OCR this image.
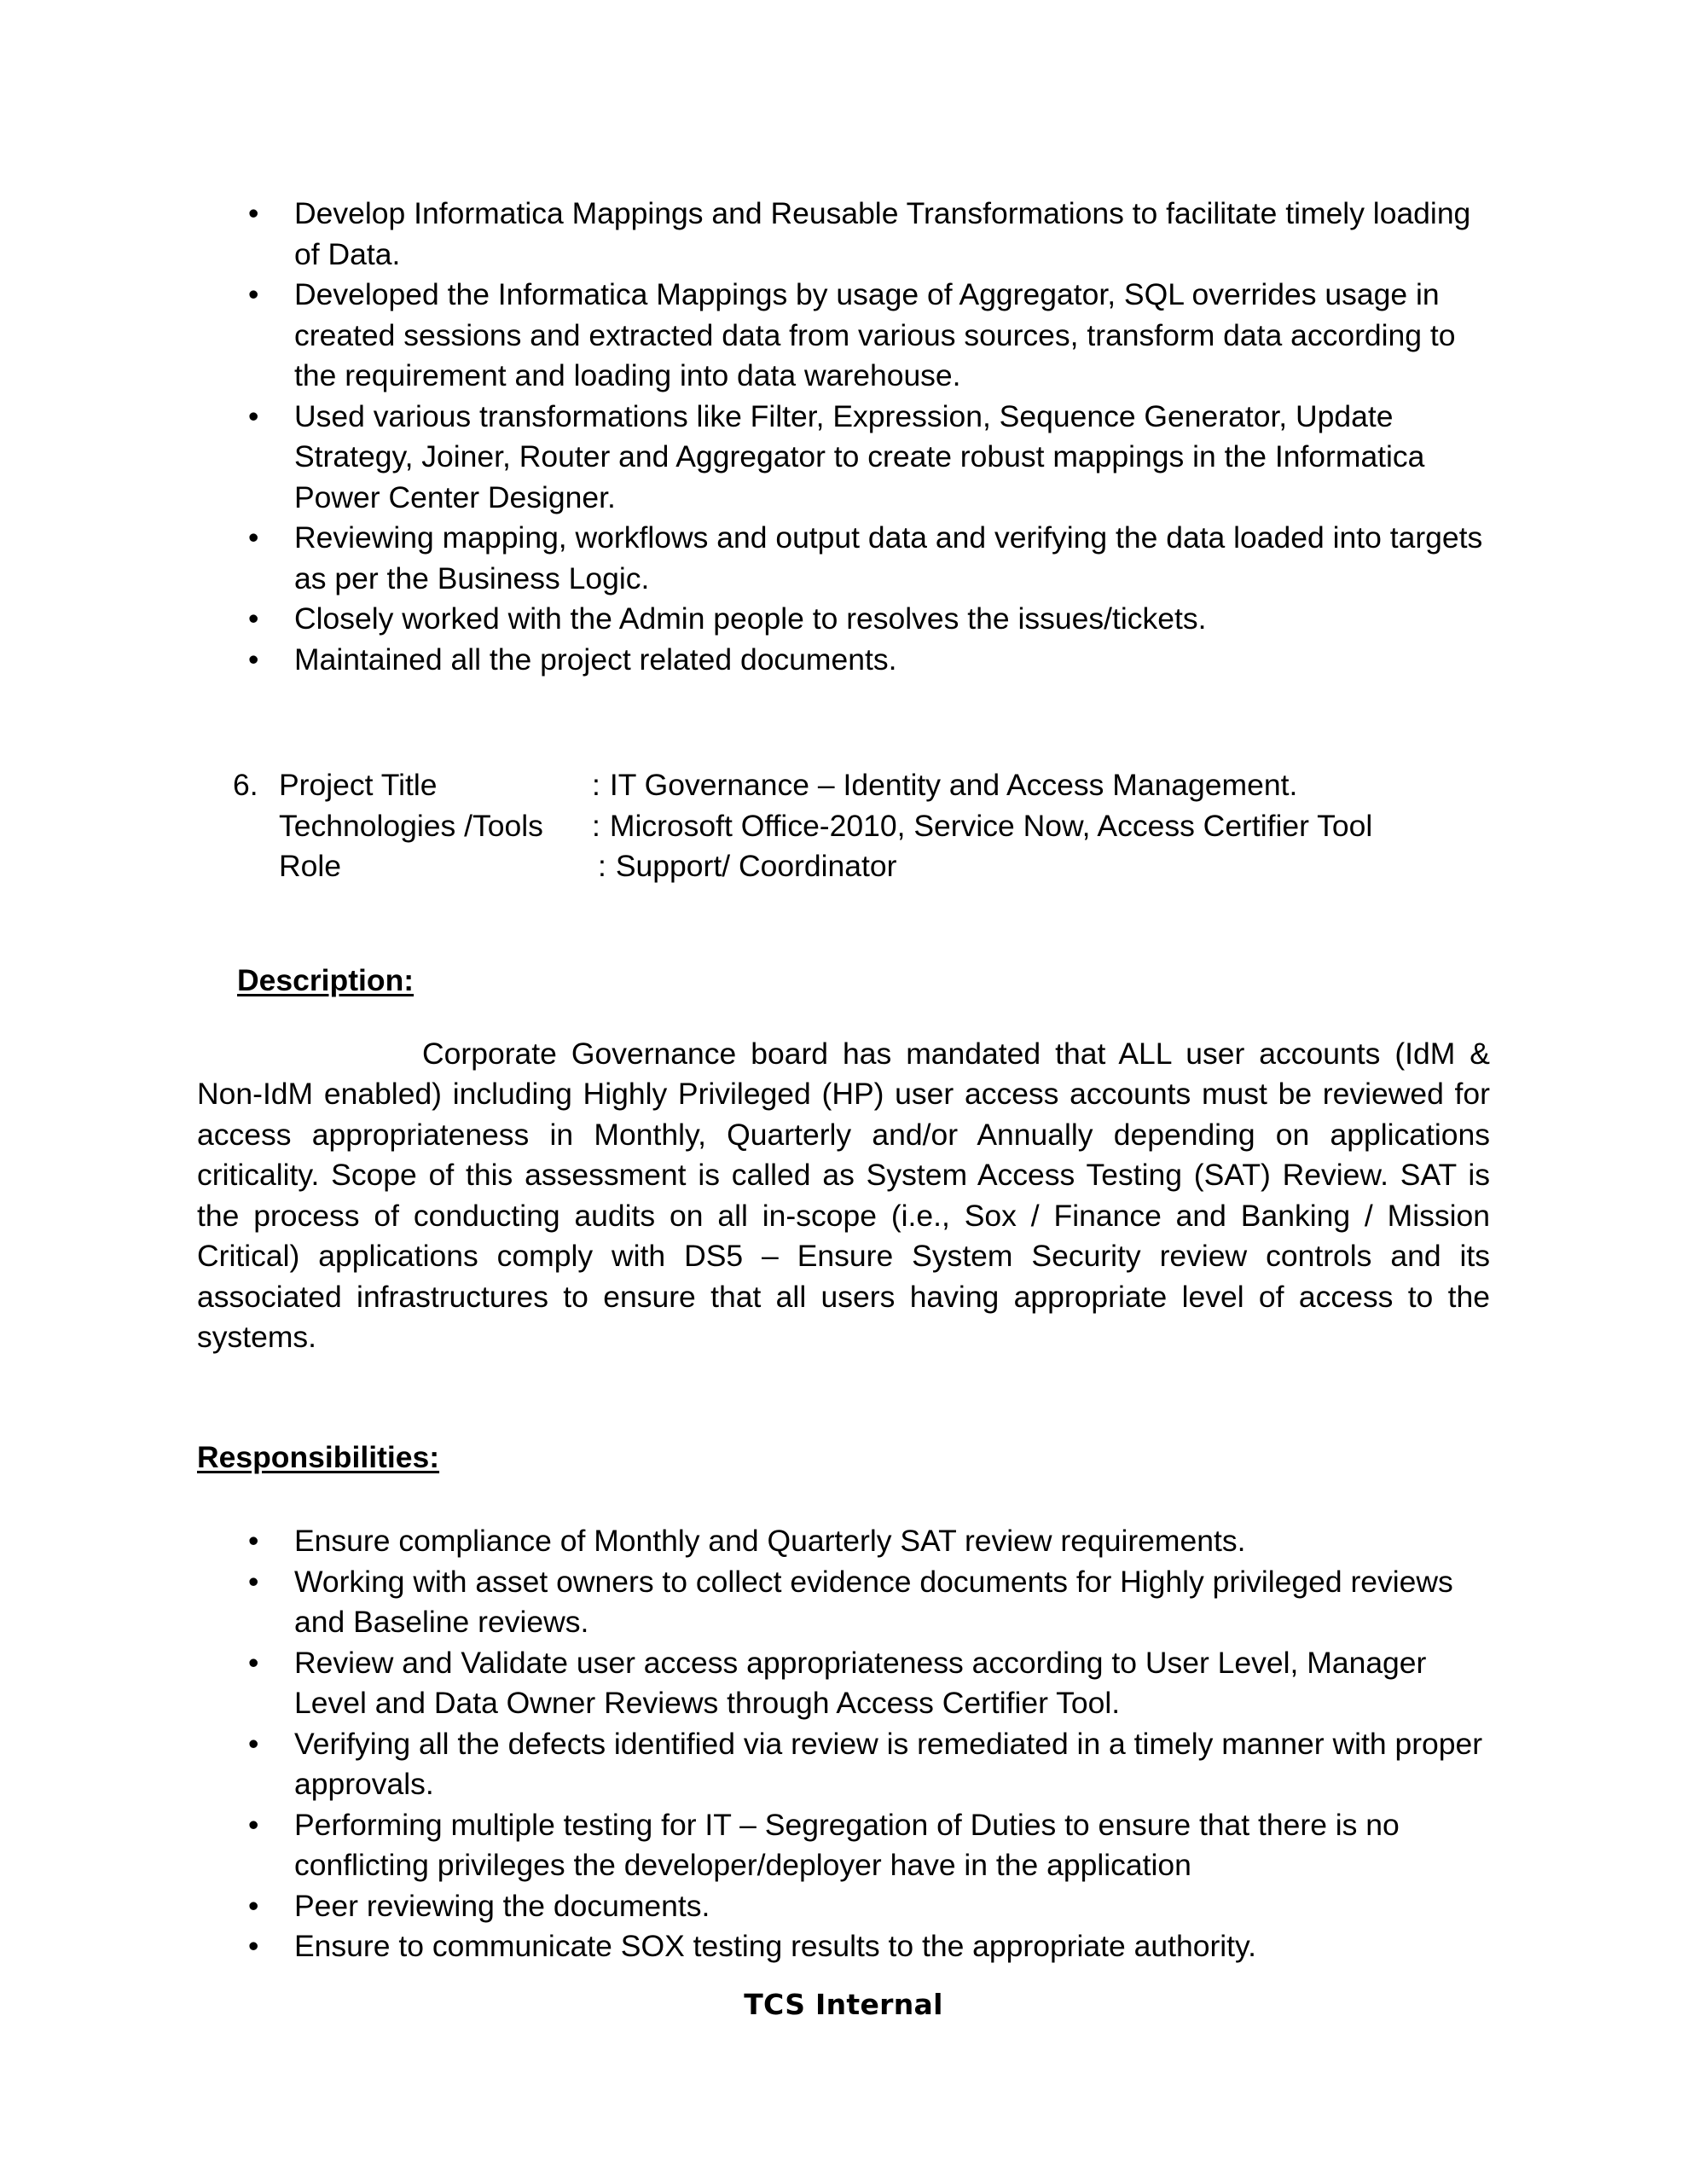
• Develop Informatica Mappings and Reusable Transformations to facilitate timely loading of Data.
• Developed the Informatica Mappings by usage of Aggregator, SQL overrides usage in created sessions and extracted data from various sources, transform data according to the requirement and loading into data warehouse.
• Used various transformations like Filter, Expression, Sequence Generator, Update Strategy, Joiner, Router and Aggregator to create robust mappings in the Informatica Power Center Designer.
• Reviewing mapping, workflows and output data and verifying the data loaded into targets as per the Business Logic.
• Closely worked with the Admin people to resolves the issues/tickets.
• Maintained all the project related documents.
6. Project Title	: IT Governance – Identity and Access Management.
Technologies /Tools	: Microsoft Office-2010, Service Now, Access Certifier Tool
Role	: Support/ Coordinator
Description:

Corporate Governance board has mandated that ALL user accounts (IdM & Non-IdM enabled) including Highly Privileged (HP) user access accounts must be reviewed for access appropriateness in Monthly, Quarterly and/or Annually depending on applications criticality. Scope of this assessment is called as System Access Testing (SAT) Review. SAT is the process of conducting audits on all in-scope (i.e., Sox / Finance and Banking / Mission Critical) applications comply with DS5 – Ensure System Security review controls and its associated infrastructures to ensure that all users having appropriate level of access to the systems.

Responsibilities:
• Ensure compliance of Monthly and Quarterly SAT review requirements.
• Working with asset owners to collect evidence documents for Highly privileged reviews and Baseline reviews.
• Review and Validate user access appropriateness according to User Level, Manager Level and Data Owner Reviews through Access Certifier Tool.
• Verifying all the defects identified via review is remediated in a timely manner with proper approvals.
• Performing multiple testing for IT – Segregation of Duties to ensure that there is no conflicting privileges the developer/deployer have in the application
• Peer reviewing the documents.
• Ensure to communicate SOX testing results to the appropriate authority.
TCS Internal
